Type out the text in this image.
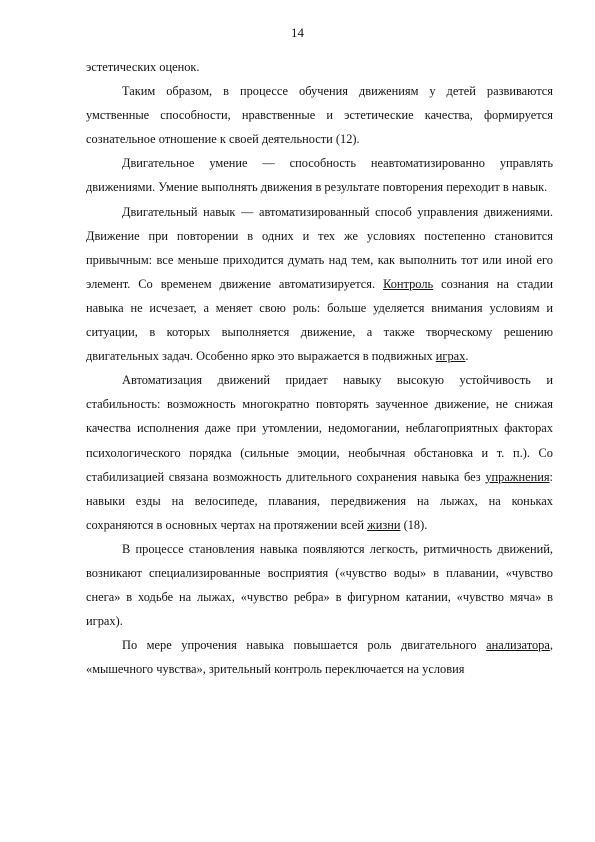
14

эстетических оценок.

Таким образом, в процессе обучения движениям у детей развиваются умственные способности, нравственные и эстетические качества, формируется сознательное отношение к своей деятельности (12).

Двигательное умение — способность неавтоматизированно управлять движениями. Умение выполнять движения в результате повторения переходит в навык.

Двигательный навык — автоматизированный способ управления движениями. Движение при повторении в одних и тех же условиях постепенно становится привычным: все меньше приходится думать над тем, как выполнить тот или иной его элемент. Со временем движение автоматизируется. Контроль сознания на стадии навыка не исчезает, а меняет свою роль: больше уделяется внимания условиям и ситуации, в которых выполняется движение, а также творческому решению двигательных задач. Особенно ярко это выражается в подвижных играх.

Автоматизация движений придает навыку высокую устойчивость и стабильность: возможность многократно повторять заученное движение, не снижая качества исполнения даже при утомлении, недомогании, неблагоприятных факторах психологического порядка (сильные эмоции, необычная обстановка и т. п.). Со стабилизацией связана возможность длительного сохранения навыка без упражнения: навыки езды на велосипеде, плавания, передвижения на лыжах, на коньках сохраняются в основных чертах на протяжении всей жизни (18).

В процессе становления навыка появляются легкость, ритмичность движений, возникают специализированные восприятия («чувство воды» в плавании, «чувство снега» в ходьбе на лыжах, «чувство ребра» в фигурном катании, «чувство мяча» в играх).

По мере упрочения навыка повышается роль двигательного анализатора, «мышечного чувства», зрительный контроль переключается на условия
